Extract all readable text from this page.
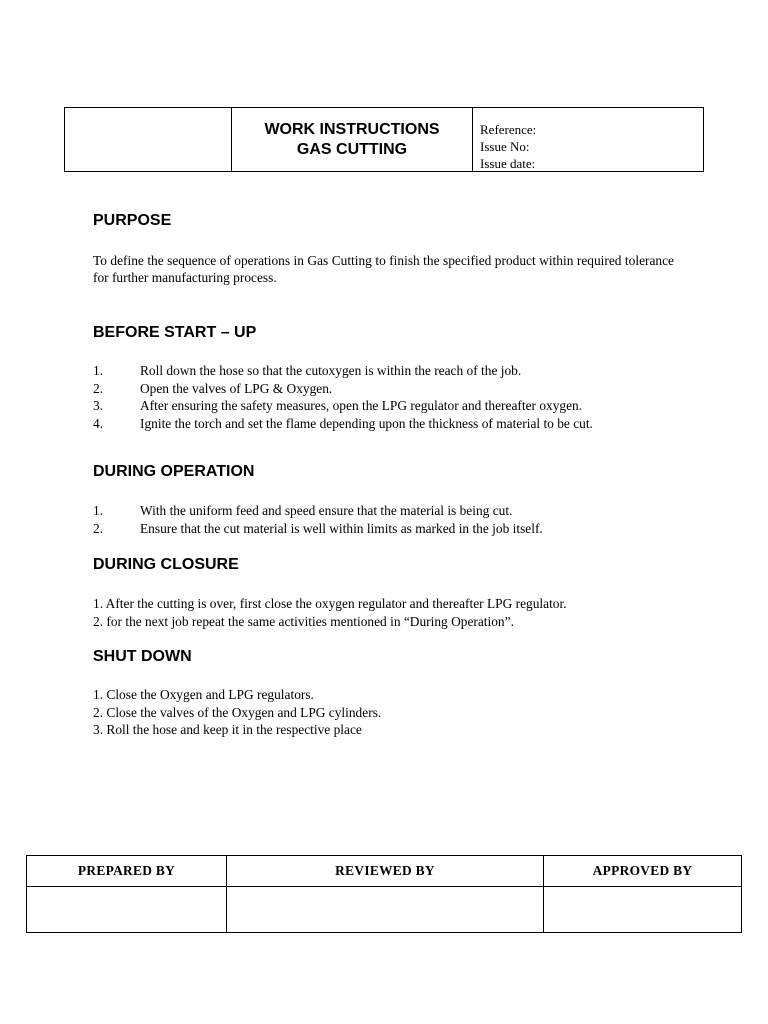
WORK INSTRUCTIONS
GAS CUTTING
Reference:
Issue No:
Issue date:
PURPOSE

To define the sequence of operations in Gas Cutting to finish the specified product within required tolerance for further manufacturing process.

BEFORE START – UP
1.	Roll down the hose so that the cutoxygen is within the reach of the job.
2.	Open the valves of LPG & Oxygen.
3.	After ensuring the safety measures, open the LPG regulator and thereafter oxygen.
4.	Ignite the torch and set the flame depending upon the thickness of material to be cut.
DURING OPERATION
1.	With the uniform feed and speed ensure that the material is being cut.
2.	Ensure that the cut material is well within limits as marked in the job itself.
DURING CLOSURE
1. After the cutting is over, first close the oxygen regulator and thereafter LPG regulator.
2. for the next job repeat the same activities mentioned in “During Operation”.
SHUT DOWN
1. Close the Oxygen and LPG regulators.
2. Close the valves of the Oxygen and LPG cylinders.
3. Roll the hose and keep it in the respective place
PREPARED BY	REVIEWED BY	APPROVED BY
